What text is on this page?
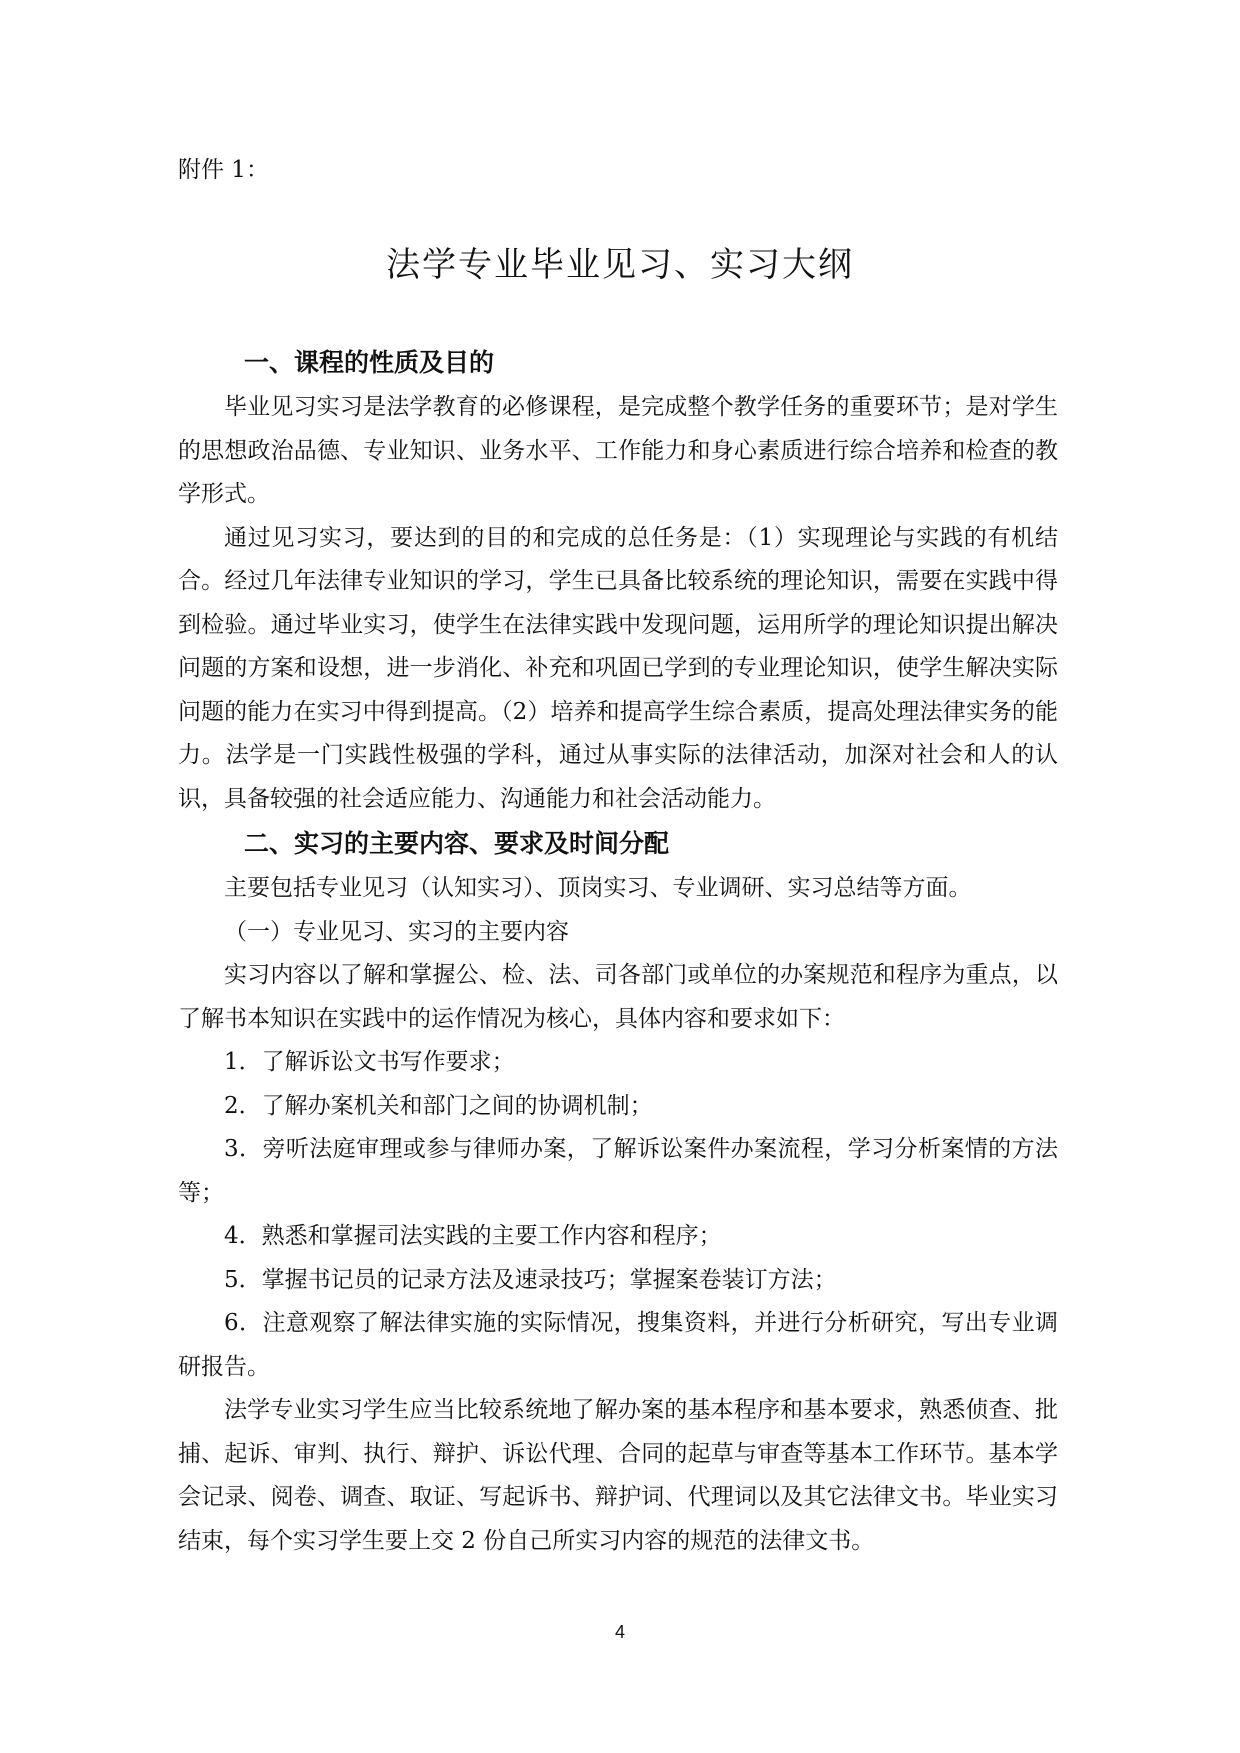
附件 1：

法学专业毕业见习、实习大纲
一、课程的性质及目的

毕业见习实习是法学教育的必修课程，是完成整个教学任务的重要环节；是对学生的思想政治品德、专业知识、业务水平、工作能力和身心素质进行综合培养和检查的教学形式。

通过见习实习，要达到的目的和完成的总任务是：（1）实现理论与实践的有机结合。经过几年法律专业知识的学习，学生已具备比较系统的理论知识，需要在实践中得到检验。通过毕业实习，使学生在法律实践中发现问题，运用所学的理论知识提出解决问题的方案和设想，进一步消化、补充和巩固已学到的专业理论知识，使学生解决实际问题的能力在实习中得到提高。（2）培养和提高学生综合素质，提高处理法律实务的能力。法学是一门实践性极强的学科，通过从事实际的法律活动，加深对社会和人的认识，具备较强的社会适应能力、沟通能力和社会活动能力。

二、实习的主要内容、要求及时间分配

主要包括专业见习（认知实习）、顶岗实习、专业调研、实习总结等方面。

（一）专业见习、实习的主要内容

实习内容以了解和掌握公、检、法、司各部门或单位的办案规范和程序为重点，以了解书本知识在实践中的运作情况为核心，具体内容和要求如下：

1．了解诉讼文书写作要求；

2．了解办案机关和部门之间的协调机制；

3．旁听法庭审理或参与律师办案，了解诉讼案件办案流程，学习分析案情的方法等；

4．熟悉和掌握司法实践的主要工作内容和程序；

5．掌握书记员的记录方法及速录技巧；掌握案卷装订方法；

6．注意观察了解法律实施的实际情况，搜集资料，并进行分析研究，写出专业调研报告。

法学专业实习学生应当比较系统地了解办案的基本程序和基本要求，熟悉侦查、批捕、起诉、审判、执行、辩护、诉讼代理、合同的起草与审查等基本工作环节。基本学会记录、阅卷、调查、取证、写起诉书、辩护词、代理词以及其它法律文书。毕业实习结束，每个实习学生要上交 2 份自己所实习内容的规范的法律文书。

4
